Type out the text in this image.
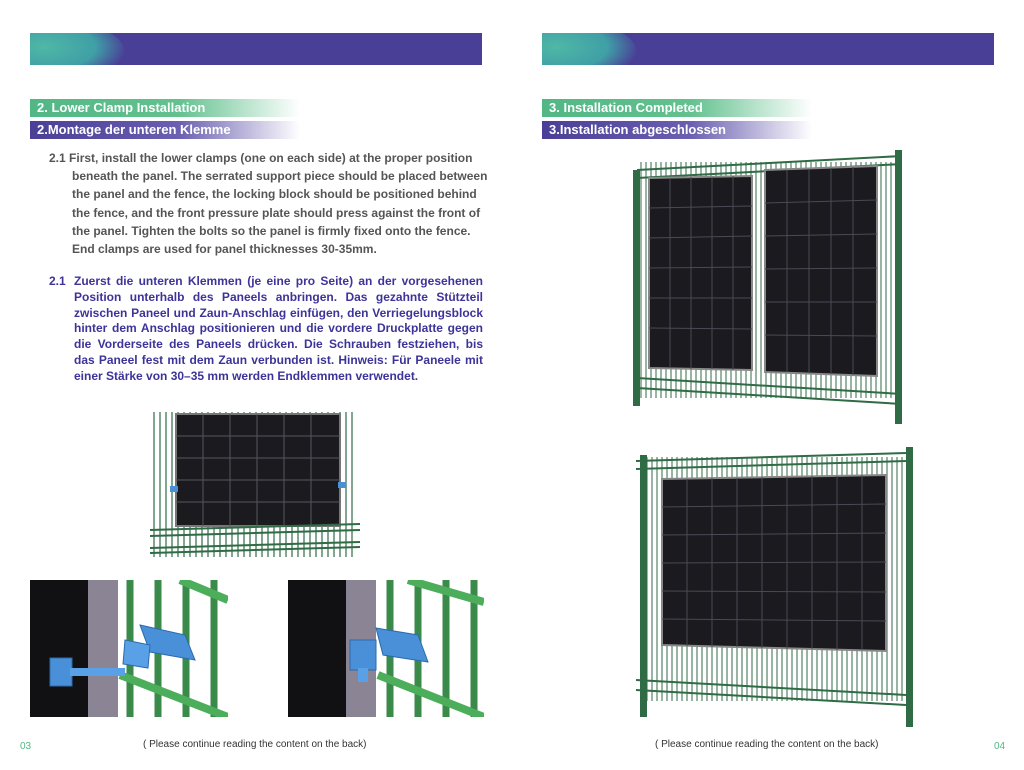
2. Lower Clamp Installation
2.Montage der unteren Klemme
2.1 First, install the lower clamps (one on each side) at the proper position beneath the panel. The serrated support piece should be placed between the panel and the fence, the locking block should be positioned behind the fence, and the front pressure plate should press against the front of the panel. Tighten the bolts so the panel is firmly fixed onto the fence. End clamps are used for panel thicknesses 30-35mm.
2.1 Zuerst die unteren Klemmen (je eine pro Seite) an der vorgesehenen Position unterhalb des Paneels anbringen. Das gezahnte Stützteil zwischen Paneel und Zaun-Anschlag einfügen, den Verriegelungsblock hinter dem Anschlag positionieren und die vordere Druckplatte gegen die Vorderseite des Paneels drücken. Die Schrauben festziehen, bis das Paneel fest mit dem Zaun verbunden ist. Hinweis: Für Paneele mit einer Stärke von 30–35 mm werden Endklemmen verwendet.
03	( Please continue reading the content on the back)
3. Installation Completed
3.Installation abgeschlossen
( Please continue reading the content on the back)	04
